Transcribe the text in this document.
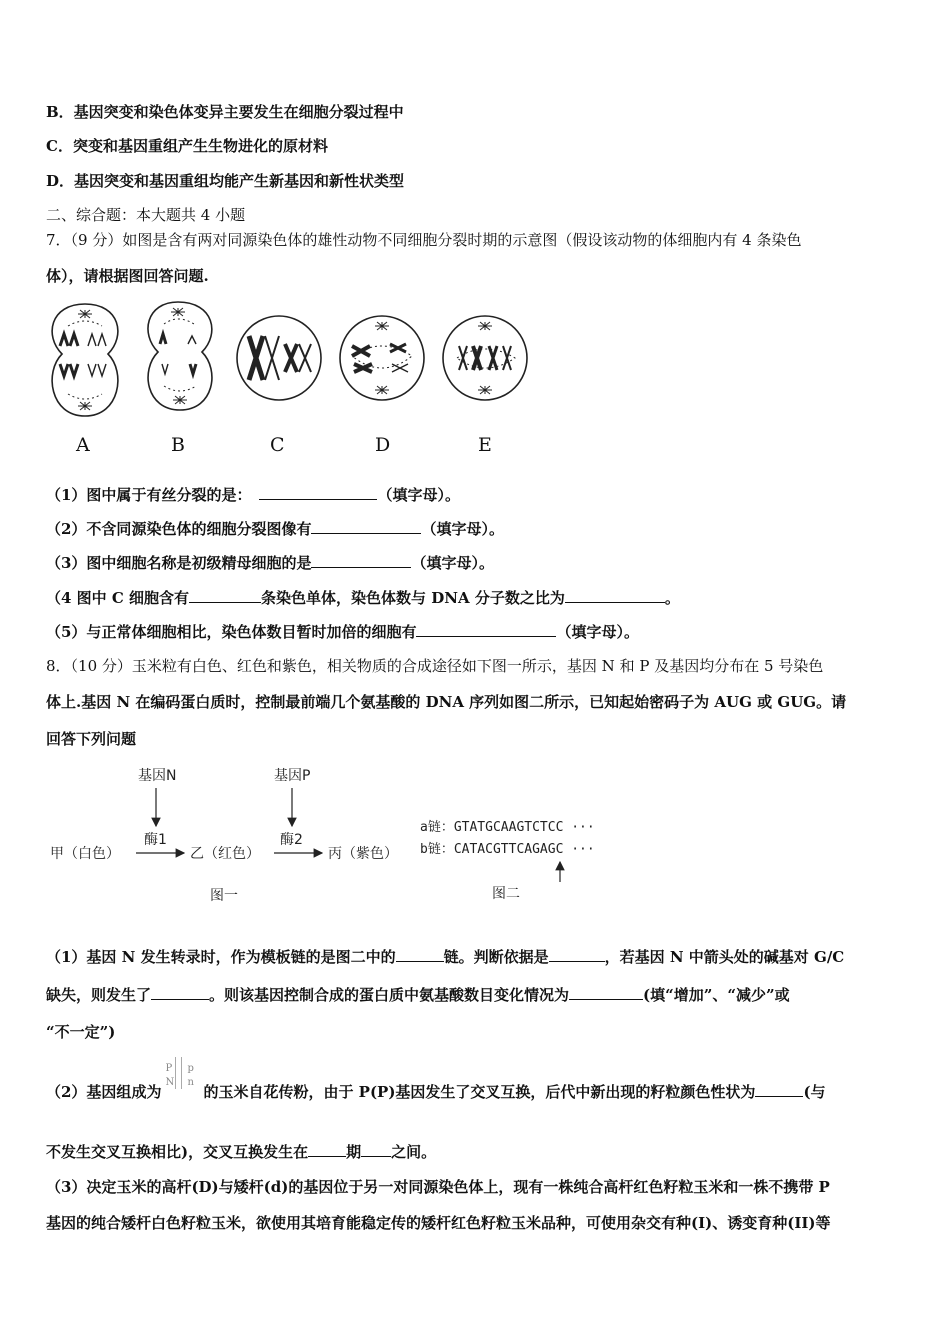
B．基因突变和染色体变异主要发生在细胞分裂过程中
C．突变和基因重组产生生物进化的原材料
D．基因突变和基因重组均能产生新基因和新性状类型
二、综合题：本大题共 4 小题
7．（9 分）如图是含有两对同源染色体的雄性动物不同细胞分裂时期的示意图（假设该动物的体细胞内有 4 条染色
体），请根据图回答问题.
A	B	C	D	E
（1）图中属于有丝分裂的是：	（填字母）。
（2）不含同源染色体的细胞分裂图像有	（填字母）。
（3）图中细胞名称是初级精母细胞的是	（填字母）。
（4 图中 C 细胞含有	条染色单体，染色体数与 DNA 分子数之比为	。
（5）与正常体细胞相比，染色体数目暂时加倍的细胞有	（填字母）。
8．（10 分）玉米粒有白色、红色和紫色，相关物质的合成途径如下图一所示，基因 N 和 P 及基因均分布在 5 号染色
体上.基因 N 在编码蛋白质时，控制最前端几个氨基酸的 DNA 序列如图二所示，已知起始密码子为 AUG 或 GUG。请
回答下列问题
基因N	基因P
酶1	酶2
甲（白色）	乙（红色）	丙（紫色）
图一
a链：GTATGCAAGTCTCC ···
b链：CATACGTTCAGAGC ···
图二
（1）基因 N 发生转录时，作为模板链的是图二中的	链。判断依据是	，若基因 N 中箭头处的碱基对 G/C
缺失，则发生了	。则该基因控制合成的蛋白质中氨基酸数目变化情况为	(填“增加”、“减少”或
“不一定”)
（2）基因组成为
P
N
p
n
的玉米自花传粉，由于 P(P)基因发生了交叉互换，后代中新出现的籽粒颜色性状为	(与
不发生交叉互换相比)，交叉互换发生在	期 之间。
（3）决定玉米的高杆(D)与矮杆(d)的基因位于另一对同源染色体上，现有一株纯合高杆红色籽粒玉米和一株不携带 P
基因的纯合矮杆白色籽粒玉米，欲使用其培育能稳定传的矮杆红色籽粒玉米品种，可使用杂交有种(I)、诱变育种(II)等
